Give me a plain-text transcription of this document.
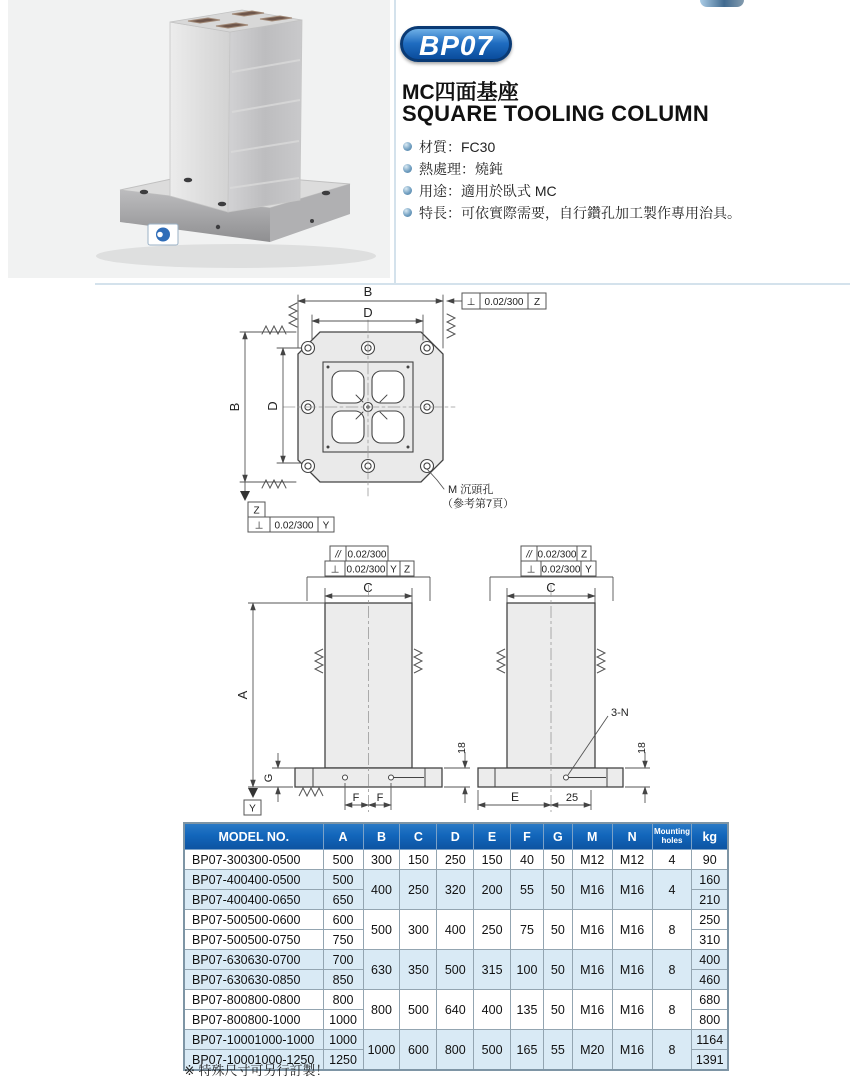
BP07
MC四面基座
SQUARE TOOLING COLUMN
材質：FC30
熱處理：燒鈍
用途：適用於臥式 MC
特長：可依實際需要，自行鑽孔加工製作專用治具。
B
⊥ 0.02/300 Z
D
B D
Z
⊥ 0.02/300 Y
M 沉頭孔
（參考第7頁）
// 0.02/300
⊥ 0.02/300 Y Z
C
A
Y
G
18
F F
// 0.02/300 Z
⊥ 0.02/300 Y
C
3-N
18
E	25
MODEL NO.	A	B	C	D	E	F	G	M	N	Mounting holes	kg
BP07-300300-0500	500	300	150	250	150	40	50	M12	M12	4	90
BP07-400400-0500	500	400	250	320	200	55	50	M16	M16	4	160
BP07-400400-0650	650										210
BP07-500500-0600	600	500	300	400	250	75	50	M16	M16	8	250
BP07-500500-0750	750										310
BP07-630630-0700	700	630	350	500	315	100	50	M16	M16	8	400
BP07-630630-0850	850										460
BP07-800800-0800	800	800	500	640	400	135	50	M16	M16	8	680
BP07-800800-1000	1000										800
BP07-10001000-1000	1000	1000	600	800	500	165	55	M20	M16	8	1164
BP07-10001000-1250	1250										1391
※ 特殊尺寸可另行訂製！
